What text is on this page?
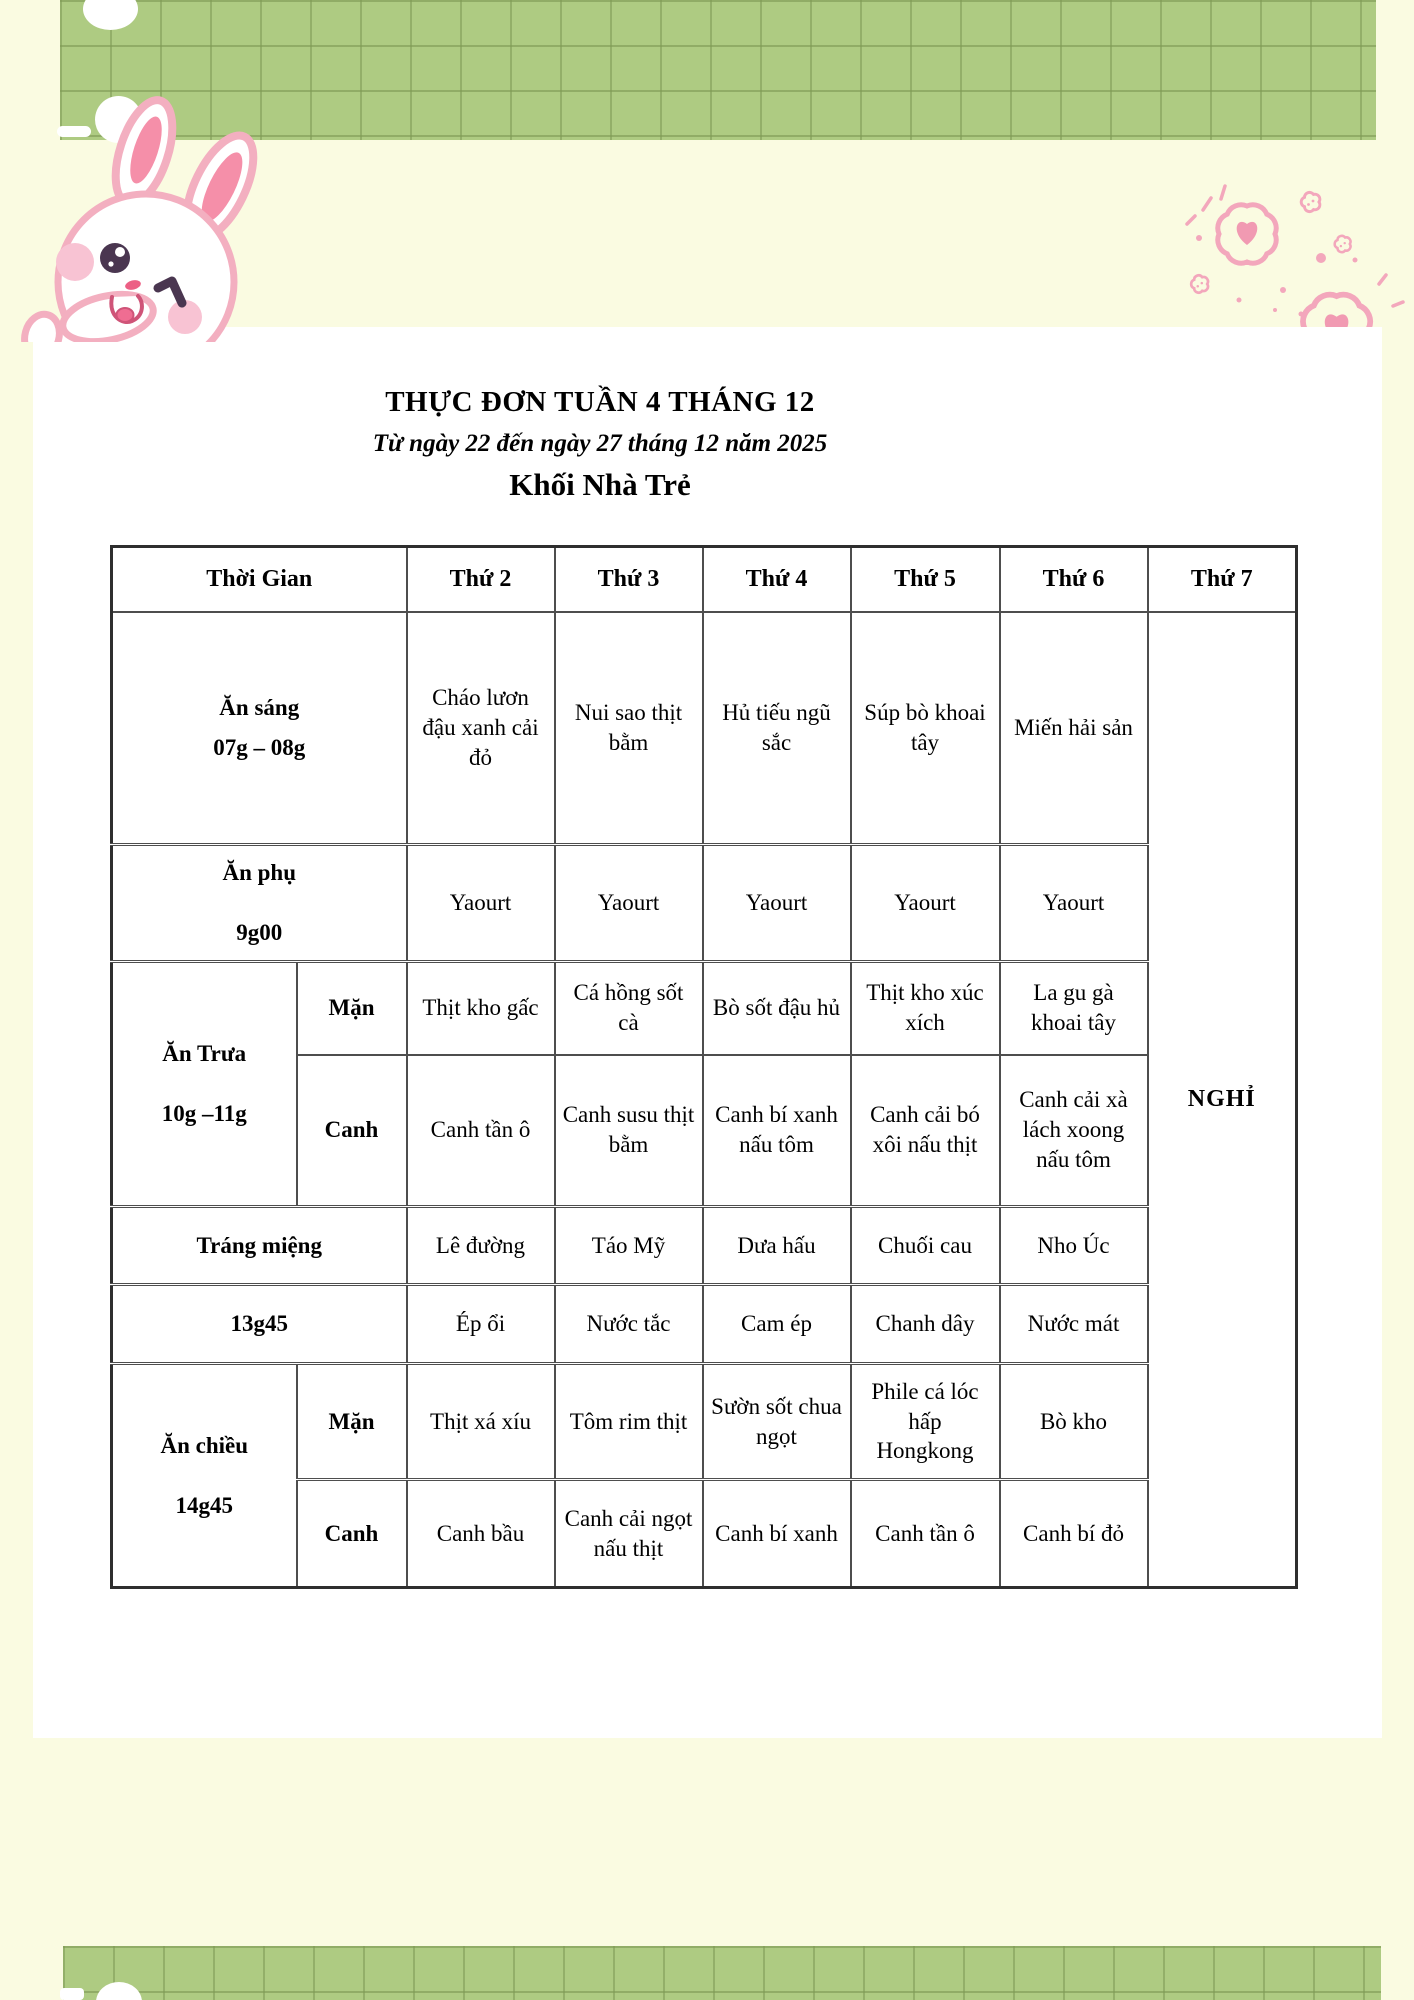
THỰC ĐƠN TUẦN 4 THÁNG 12
Từ ngày 22 đến ngày 27 tháng 12 năm 2025
Khối Nhà Trẻ
Thời Gian		Thứ 2	Thứ 3	Thứ 4	Thứ 5	Thứ 6	Thứ 7

Ăn sáng
07g – 08g		Cháo lươn đậu xanh cải đỏ	Nui sao thịt bằm	Hủ tiếu ngũ sắc	Súp bò khoai tây	Miến hải sản	NGHỈ

Ăn phụ
9g00		Yaourt	Yaourt	Yaourt	Yaourt	Yaourt	

Ăn Trưa
10g –11g	Mặn	Thịt kho gấc	Cá hồng sốt cà	Bò sốt đậu hủ	Thịt kho xúc xích	La gu gà khoai tây	
	Canh	Canh tần ô	Canh susu thịt bằm	Canh bí xanh nấu tôm	Canh cải bó xôi nấu thịt	Canh cải xà lách xoong nấu tôm	
Tráng miệng		Lê đường	Táo Mỹ	Dưa hấu	Chuối cau	Nho Úc	
13g45		Ép ổi	Nước tắc	Cam ép	Chanh dây	Nước mát	

Ăn chiều
14g45	Mặn	Thịt xá xíu	Tôm rim thịt	Sườn sốt chua ngọt	Phile cá lóc hấp Hongkong	Bò kho	
	Canh	Canh bầu	Canh cải ngọt nấu thịt	Canh bí xanh	Canh tần ô	Canh bí đỏ	
